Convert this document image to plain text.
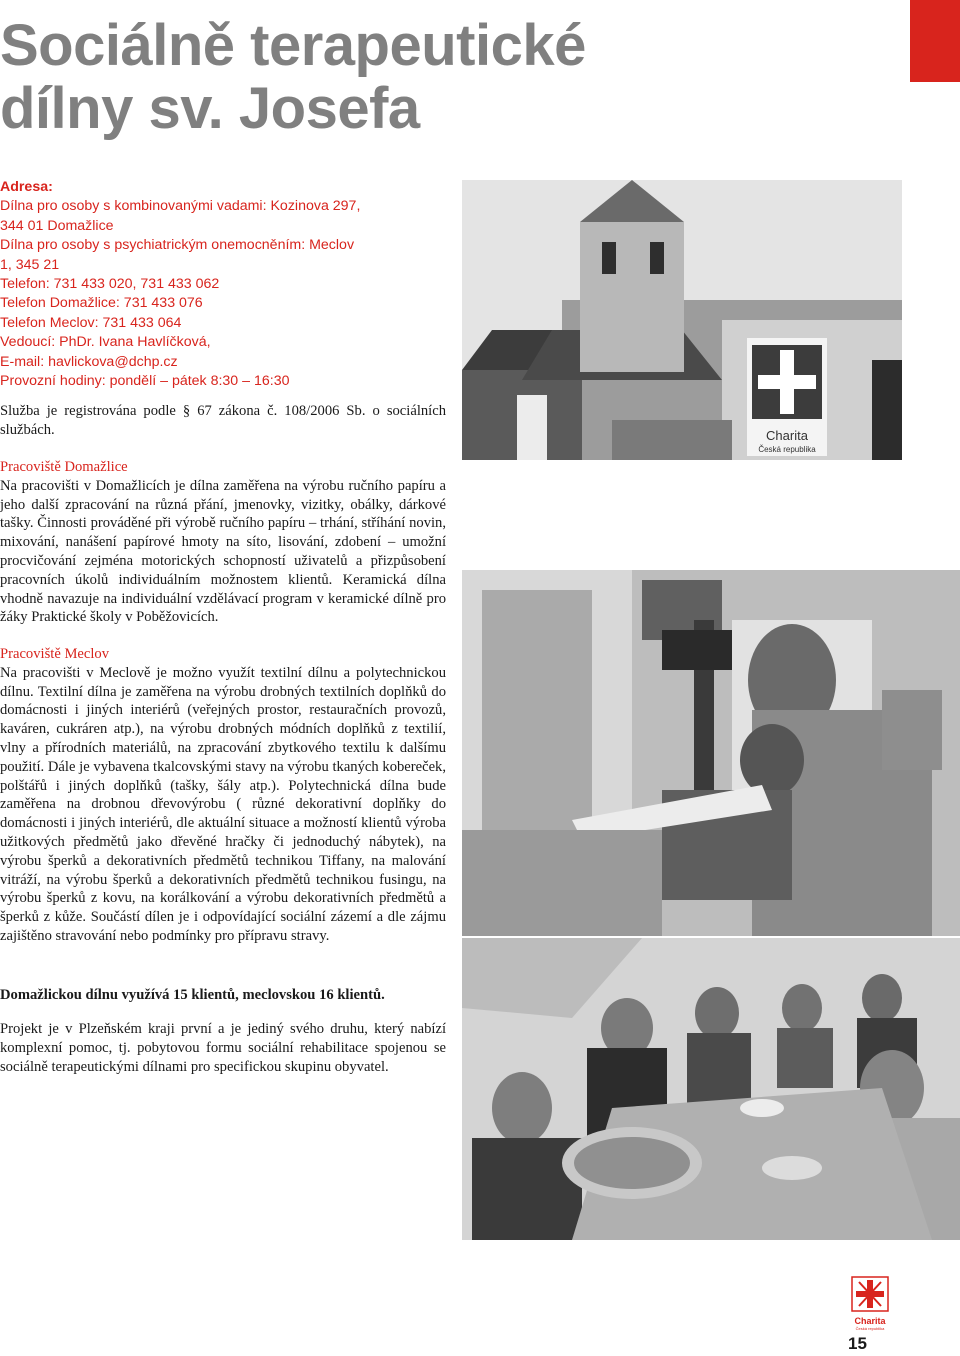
Sociálně terapeutické
dílny sv. Josefa
Adresa:
Dílna pro osoby s kombinovanými vadami: Kozinova 297,
344 01 Domažlice
Dílna pro osoby s psychiatrickým onemocněním: Meclov
1, 345 21
Telefon: 731 433 020, 731 433 062
Telefon Domažlice: 731 433 076
Telefon Meclov: 731 433 064
Vedoucí: PhDr. Ivana Havlíčková,
E-mail: havlickova@dchp.cz
Provozní hodiny: pondělí – pátek 8:30 – 16:30

Služba je registrována podle § 67 zákona č. 108/2006 Sb. o sociálních službách.

Pracoviště Domažlice

Na pracovišti v Domažlicích je dílna zaměřena na výrobu ručního papíru a jeho další zpracování na různá přání, jmenovky, vizitky, obálky, dárkové tašky. Činnosti prováděné při výrobě ručního papíru – trhání, stříhání novin, mixování, nanášení papírové hmoty na síto, lisování, zdobení – umožní procvičování zejména motorických schopností uživatelů a přizpůsobení pracovních úkolů individuálním možnostem klientů. Keramická dílna vhodně navazuje na individuální vzdělávací program v keramické dílně pro žáky Praktické školy v Poběžovicích.

Pracoviště Meclov

Na pracovišti v Meclově je možno využít textilní dílnu a polytechnickou dílnu. Textilní dílna je zaměřena na výrobu drobných textilních doplňků do domácnosti i jiných interiérů (veřejných prostor, restauračních provozů, kaváren, cukráren atp.), na výrobu drobných módních doplňků z textilií, vlny a přírodních materiálů, na zpracování zbytkového textilu k dalšímu použití. Dále je vybavena tkalcovskými stavy na výrobu tkaných kobereček, polštářů i jiných doplňků (tašky, šály atp.). Polytechnická dílna bude zaměřena na drobnou dřevovýrobu ( různé dekorativní doplňky do domácnosti i jiných interiérů, dle aktuální situace a možností klientů výroba užitkových předmětů jako dřevěné hračky či jednoduchý nábytek), na výrobu šperků a dekorativních předmětů technikou Tiffany, na malování vitráží, na výrobu šperků a dekorativních předmětů technikou fusingu, na výrobu šperků z kovu, na korálkování a výrobu dekorativních předmětů a šperků z kůže. Součástí dílen je i odpovídající sociální zázemí a dle zájmu zajištěno stravování nebo podmínky pro přípravu stravy.

Domažlickou dílnu využívá 15 klientů, meclovskou 16 klientů.

Projekt je v Plzeňském kraji první a je jediný svého druhu, který nabízí komplexní pomoc, tj. pobytovou formu sociální rehabilitace spojenou se sociálně terapeutickými dílnami pro specifickou skupinu obyvatel.

Charita
Česká republika
Charita
Česká republika
15
